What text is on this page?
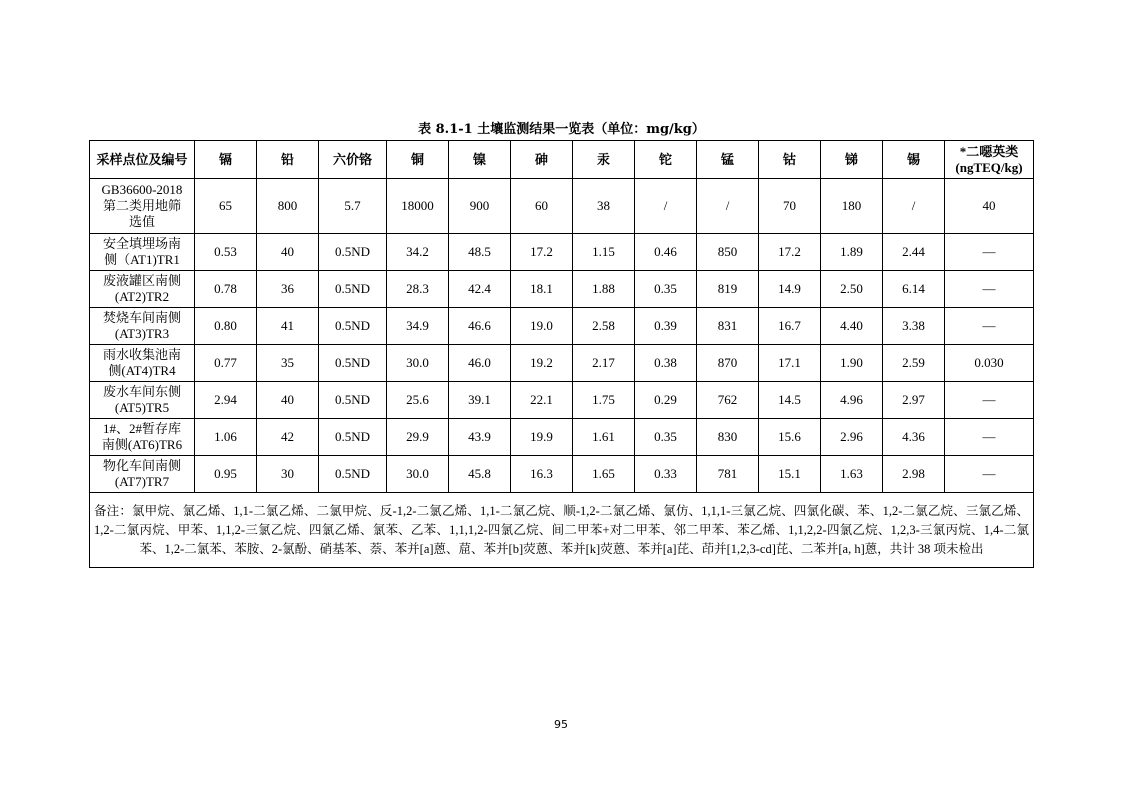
表 8.1-1 土壤监测结果一览表（单位：mg/kg）
采样点位及编号	镉	铅	六价铬	铜	镍	砷	汞	铊	锰	钴	锑	锡	*二噁英类
(ngTEQ/kg)
GB36600-2018
第二类用地筛
选值	65	800	5.7	18000	900	60	38	/	/	70	180	/	40
安全填埋场南
侧（AT1)TR1	0.53	40	0.5ND	34.2	48.5	17.2	1.15	0.46	850	17.2	1.89	2.44	—
废液罐区南侧
(AT2)TR2	0.78	36	0.5ND	28.3	42.4	18.1	1.88	0.35	819	14.9	2.50	6.14	—
焚烧车间南侧
(AT3)TR3	0.80	41	0.5ND	34.9	46.6	19.0	2.58	0.39	831	16.7	4.40	3.38	—
雨水收集池南
侧(AT4)TR4	0.77	35	0.5ND	30.0	46.0	19.2	2.17	0.38	870	17.1	1.90	2.59	0.030
废水车间东侧
(AT5)TR5	2.94	40	0.5ND	25.6	39.1	22.1	1.75	0.29	762	14.5	4.96	2.97	—
1#、2#暂存库
南侧(AT6)TR6	1.06	42	0.5ND	29.9	43.9	19.9	1.61	0.35	830	15.6	2.96	4.36	—
物化车间南侧
(AT7)TR7	0.95	30	0.5ND	30.0	45.8	16.3	1.65	0.33	781	15.1	1.63	2.98	—
备注：氯甲烷、氯乙烯、1,1-二氯乙烯、二氯甲烷、反-1,2-二氯乙烯、1,1-二氯乙烷、顺-1,2-二氯乙烯、氯仿、1,1,1-三氯乙烷、四氯化碳、苯、1,2-二氯乙烷、三氯乙烯、1,2-二氯丙烷、甲苯、1,1,2-三氯乙烷、四氯乙烯、氯苯、乙苯、1,1,1,2-四氯乙烷、间二甲苯+对二甲苯、邻二甲苯、苯乙烯、1,1,2,2-四氯乙烷、1,2,3-三氯丙烷、1,4-二氯苯、1,2-二氯苯、苯胺、2-氯酚、硝基苯、萘、苯并[a]蒽、䓛、苯并[b]荧蒽、苯并[k]荧蒽、苯并[a]芘、茚并[1,2,3-cd]芘、二苯并[a, h]蒽，共计 38 项未检出													
95
